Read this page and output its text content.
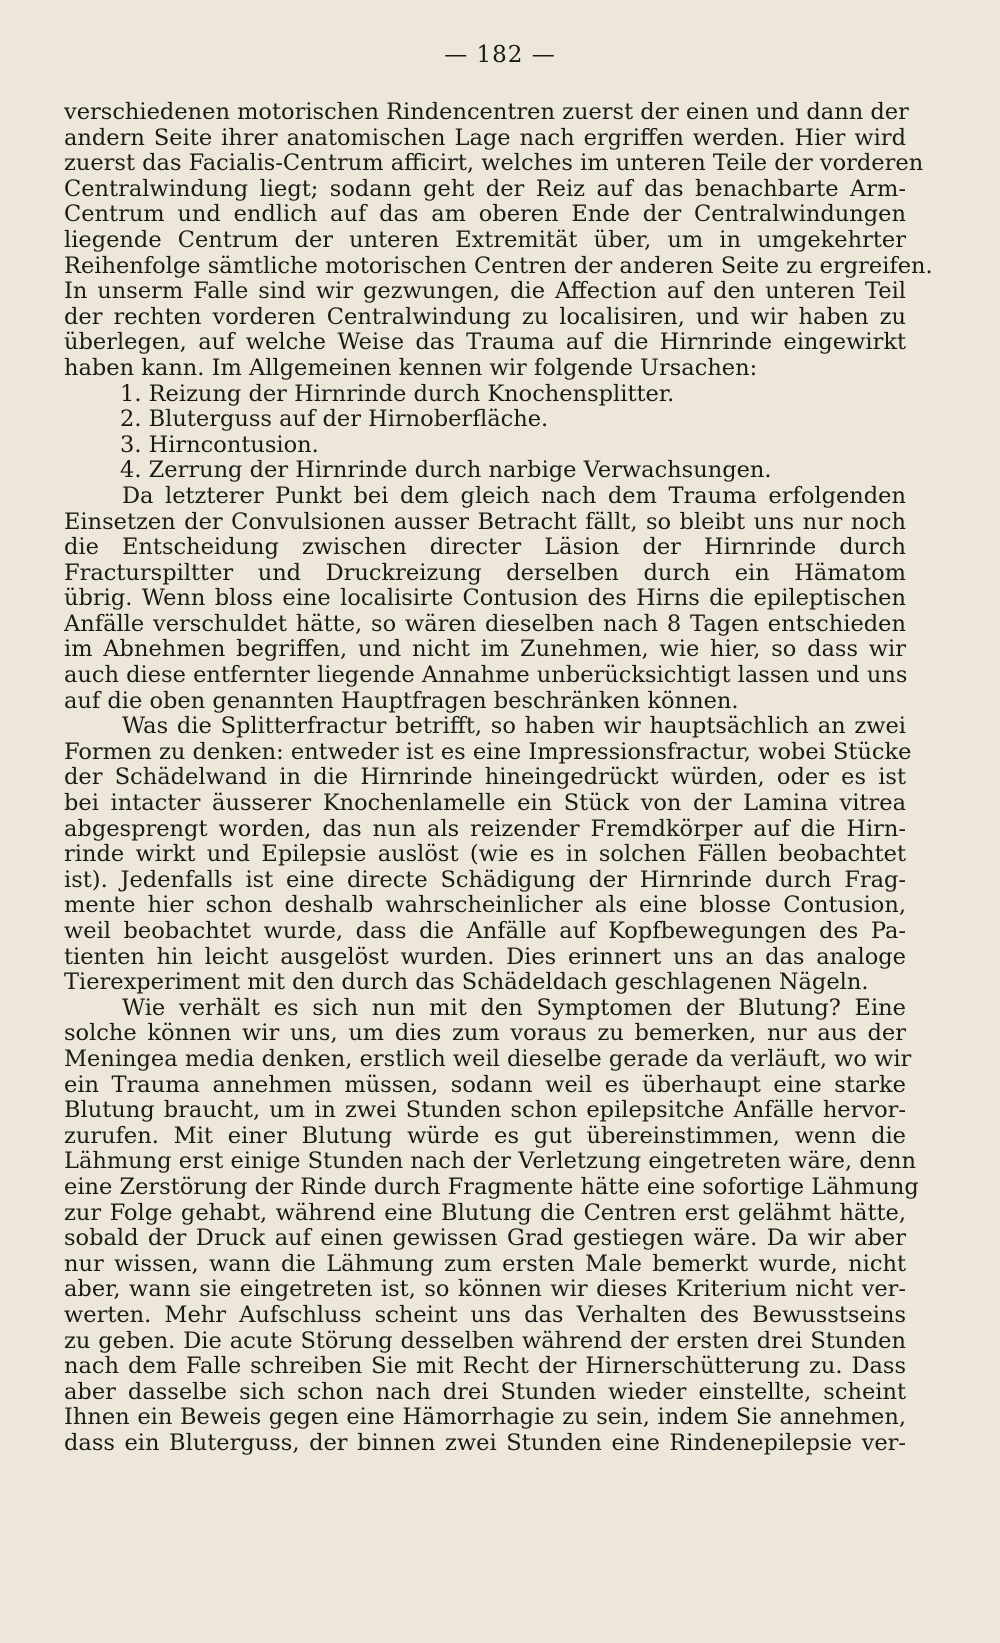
— 182 —
verschiedenen motorischen Rindencentren zuerst der einen und dann der
andern Seite ihrer anatomischen Lage nach ergriffen werden. Hier wird
zuerst das Facialis-Centrum afficirt, welches im unteren Teile der vorderen
Centralwindung liegt; sodann geht der Reiz auf das benachbarte Arm-
Centrum und endlich auf das am oberen Ende der Centralwindungen
liegende Centrum der unteren Extremität über, um in umgekehrter
Reihenfolge sämtliche motorischen Centren der anderen Seite zu ergreifen.
In unserm Falle sind wir gezwungen, die Affection auf den unteren Teil
der rechten vorderen Centralwindung zu localisiren, und wir haben zu
überlegen, auf welche Weise das Trauma auf die Hirnrinde eingewirkt
haben kann. Im Allgemeinen kennen wir folgende Ursachen:
1. Reizung der Hirnrinde durch Knochensplitter.
2. Bluterguss auf der Hirnoberfläche.
3. Hirncontusion.
4. Zerrung der Hirnrinde durch narbige Verwachsungen.
Da letzterer Punkt bei dem gleich nach dem Trauma erfolgenden
Einsetzen der Convulsionen ausser Betracht fällt, so bleibt uns nur noch
die Entscheidung zwischen directer Läsion der Hirnrinde durch
Fracturspiltter und Druckreizung derselben durch ein Hämatom
übrig. Wenn bloss eine localisirte Contusion des Hirns die epileptischen
Anfälle verschuldet hätte, so wären dieselben nach 8 Tagen entschieden
im Abnehmen begriffen, und nicht im Zunehmen, wie hier, so dass wir
auch diese entfernter liegende Annahme unberücksichtigt lassen und uns
auf die oben genannten Hauptfragen beschränken können.
Was die Splitterfractur betrifft, so haben wir hauptsächlich an zwei
Formen zu denken: entweder ist es eine Impressionsfractur, wobei Stücke
der Schädelwand in die Hirnrinde hineingedrückt würden, oder es ist
bei intacter äusserer Knochenlamelle ein Stück von der Lamina vitrea
abgesprengt worden, das nun als reizender Fremdkörper auf die Hirn-
rinde wirkt und Epilepsie auslöst (wie es in solchen Fällen beobachtet
ist). Jedenfalls ist eine directe Schädigung der Hirnrinde durch Frag-
mente hier schon deshalb wahrscheinlicher als eine blosse Contusion,
weil beobachtet wurde, dass die Anfälle auf Kopfbewegungen des Pa-
tienten hin leicht ausgelöst wurden. Dies erinnert uns an das analoge
Tierexperiment mit den durch das Schädeldach geschlagenen Nägeln.
Wie verhält es sich nun mit den Symptomen der Blutung? Eine
solche können wir uns, um dies zum voraus zu bemerken, nur aus der
Meningea media denken, erstlich weil dieselbe gerade da verläuft, wo wir
ein Trauma annehmen müssen, sodann weil es überhaupt eine starke
Blutung braucht, um in zwei Stunden schon epilepsitche Anfälle hervor-
zurufen. Mit einer Blutung würde es gut übereinstimmen, wenn die
Lähmung erst einige Stunden nach der Verletzung eingetreten wäre, denn
eine Zerstörung der Rinde durch Fragmente hätte eine sofortige Lähmung
zur Folge gehabt, während eine Blutung die Centren erst gelähmt hätte,
sobald der Druck auf einen gewissen Grad gestiegen wäre. Da wir aber
nur wissen, wann die Lähmung zum ersten Male bemerkt wurde, nicht
aber, wann sie eingetreten ist, so können wir dieses Kriterium nicht ver-
werten. Mehr Aufschluss scheint uns das Verhalten des Bewusstseins
zu geben. Die acute Störung desselben während der ersten drei Stunden
nach dem Falle schreiben Sie mit Recht der Hirnerschütterung zu. Dass
aber dasselbe sich schon nach drei Stunden wieder einstellte, scheint
Ihnen ein Beweis gegen eine Hämorrhagie zu sein, indem Sie annehmen,
dass ein Bluterguss, der binnen zwei Stunden eine Rindenepilepsie ver-
